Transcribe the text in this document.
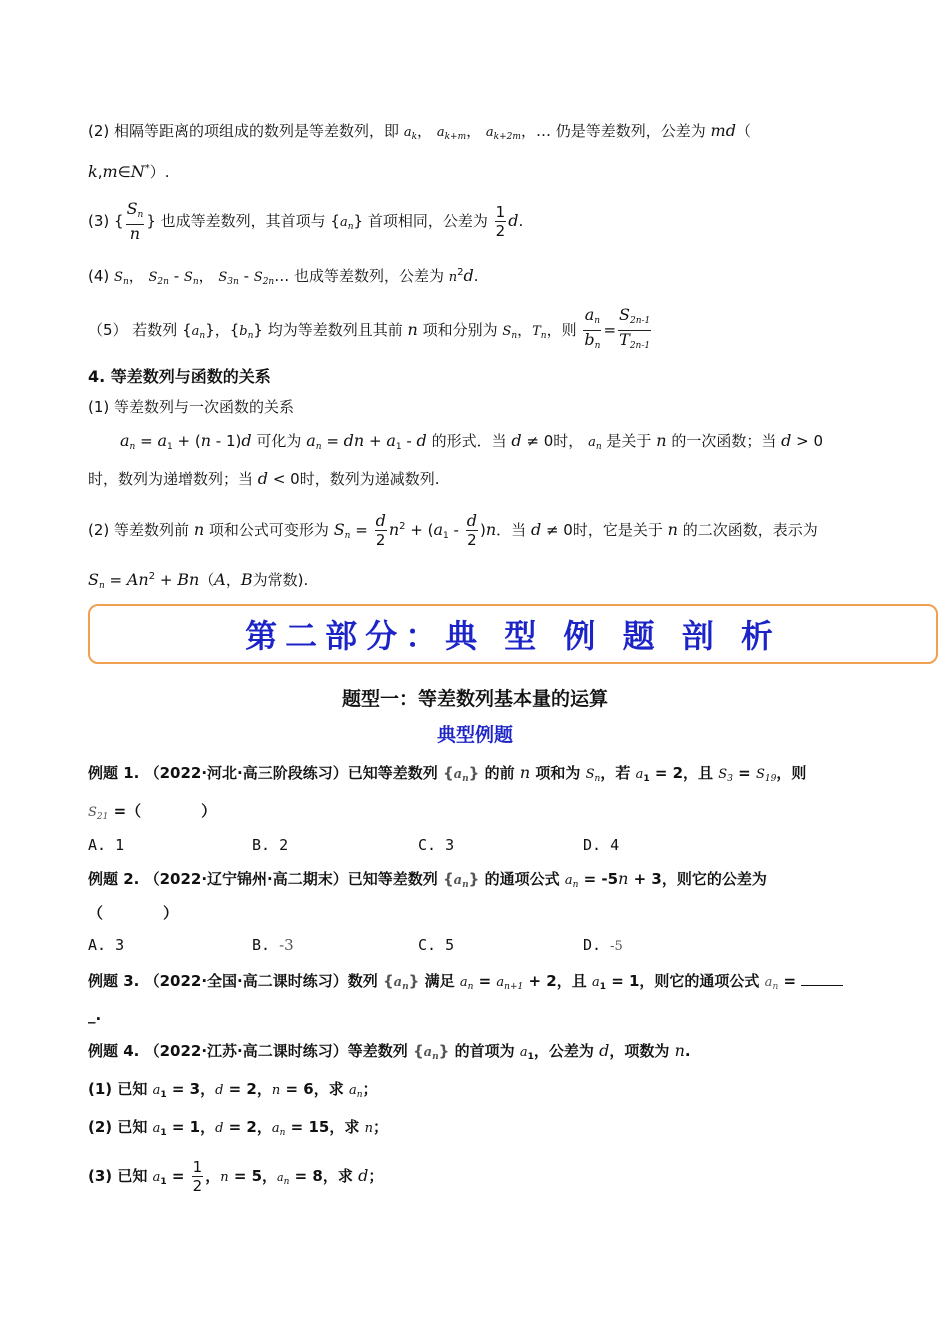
(2) 相隔等距离的项组成的数列是等差数列，即 $a_k$， $a_{k+m}$， $a_{k+2m}$，… 仍是等差数列，公差为 md（
k,m∈N*）.
(3) { $\frac{S_n}{n}$ } 也成等差数列，其首项与 $\{a_n\}$ 首项相同，公差为 $\frac{1}{2} d$.
(4) $S_n$， $S_{2n} - S_n$， $S_{3n}$ - $S_{2n}\dots$ 也成等差数列，公差为 $n^2d$.
（5） 若数列 $\{a_n\}$，$\{b_n\}$ 均为等差数列且其前 n 项和分别为 $S_n$，$T_n$，则 $\frac{a_n}{b_n} = \frac{S_{2n-1}}{T_{2n-1}}$
4. 等差数列与函数的关系
(1) 等差数列与一次函数的关系
$a_n = a_1 + (n - 1)d$ 可化为 $a_n$ = dn + $a_1$ - d 的形式．当 d ≠ 0时， $a_n$ 是关于 n 的一次函数；当 d > 0
时，数列为递增数列；当 d < 0时，数列为递减数列.
(2) 等差数列前 n 项和公式可变形为 $S_n = \frac{d}{2} n^2 + (a_1 - \frac{d}{2} )n$．当 d ≠ 0时，它是关于 n 的二次函数，表示为
$S_n = An^2 + Bn(A$，B为常数).
第二部分：典 型 例 题 剖 析
题型一：等差数列基本量的运算
典型例题
例题 1. （2022·河北·高三阶段练习）已知等差数列 $\{a_n\}$ 的前 n 项和为 $S_n$，若 $a_1 = 2$，且 $S_3 = S_{19}$，则
$S_{21}$ =（　　　　）
A. 1	B. 2	C. 3	D. 4
例题 2. （2022·辽宁锦州·高二期末）已知等差数列 $\{a_n\}$ 的通项公式 $a_n = -5n + 3$，则它的公差为
（　　　　）
A. 3	B. -3	C. 5	D. -5
例题 3. （2022·全国·高二课时练习）数列 $\{a_n\}$ 满足 $a_n = a_{n+1} + 2$，且 $a_1 = 1$，则它的通项公式 $a_n$ =
_.
例题 4. （2022·江苏·高二课时练习）等差数列 $\{a_n\}$ 的首项为 $a_1$，公差为 d，项数为 n.
(1) 已知 $a_1 = 3$，d = 2，n = 6，求 $a_n$；
(2) 已知 $a_1 = 1$，d = 2，$a_n = 15$，求 n；
(3) 已知 $a_1 = \frac{1}{2}$ ，n = 5，$a_n = 8$，求 d；
